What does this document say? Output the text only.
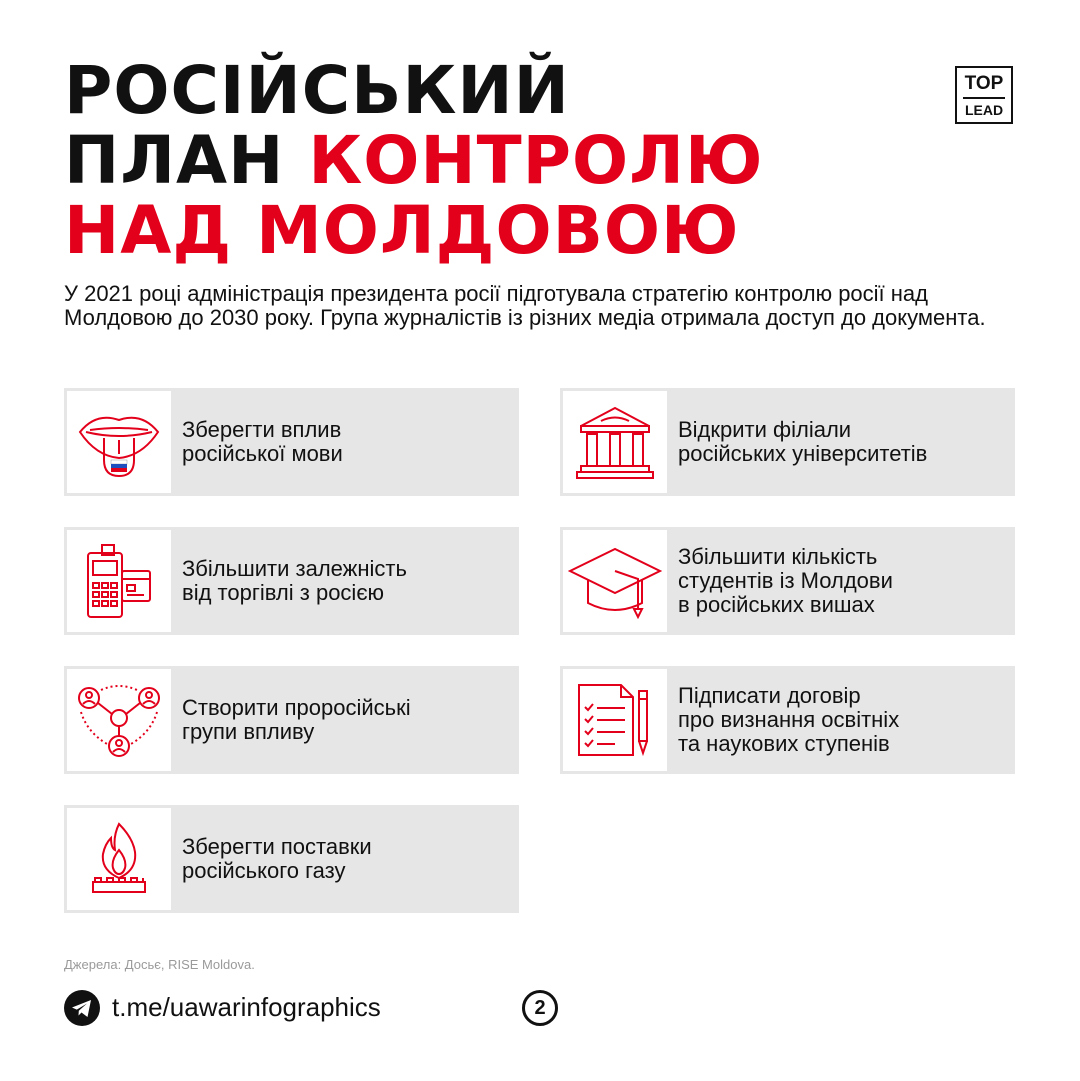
РОСІЙСЬКИЙ
ПЛАН КОНТРОЛЮ
НАД МОЛДОВОЮ
TOP
LEAD

У 2021 році адміністрація президента росії підготувала стратегію контролю росії над Молдовою до 2030 року. Група журналістів із різних медіа отримала доступ до документа.

Зберегти вплив
російської мови
Відкрити філіали
російських університетів
Збільшити залежність
від торгівлі з росією
Збільшити кількість
студентів із Молдови
в російських вишах
Створити проросійські
групи впливу
Підписати договір
про визнання освітніх
та наукових ступенів
Зберегти поставки
російського газу
Джерела: Досьє, RISE Moldova.
t.me/uawarinfographics	2
